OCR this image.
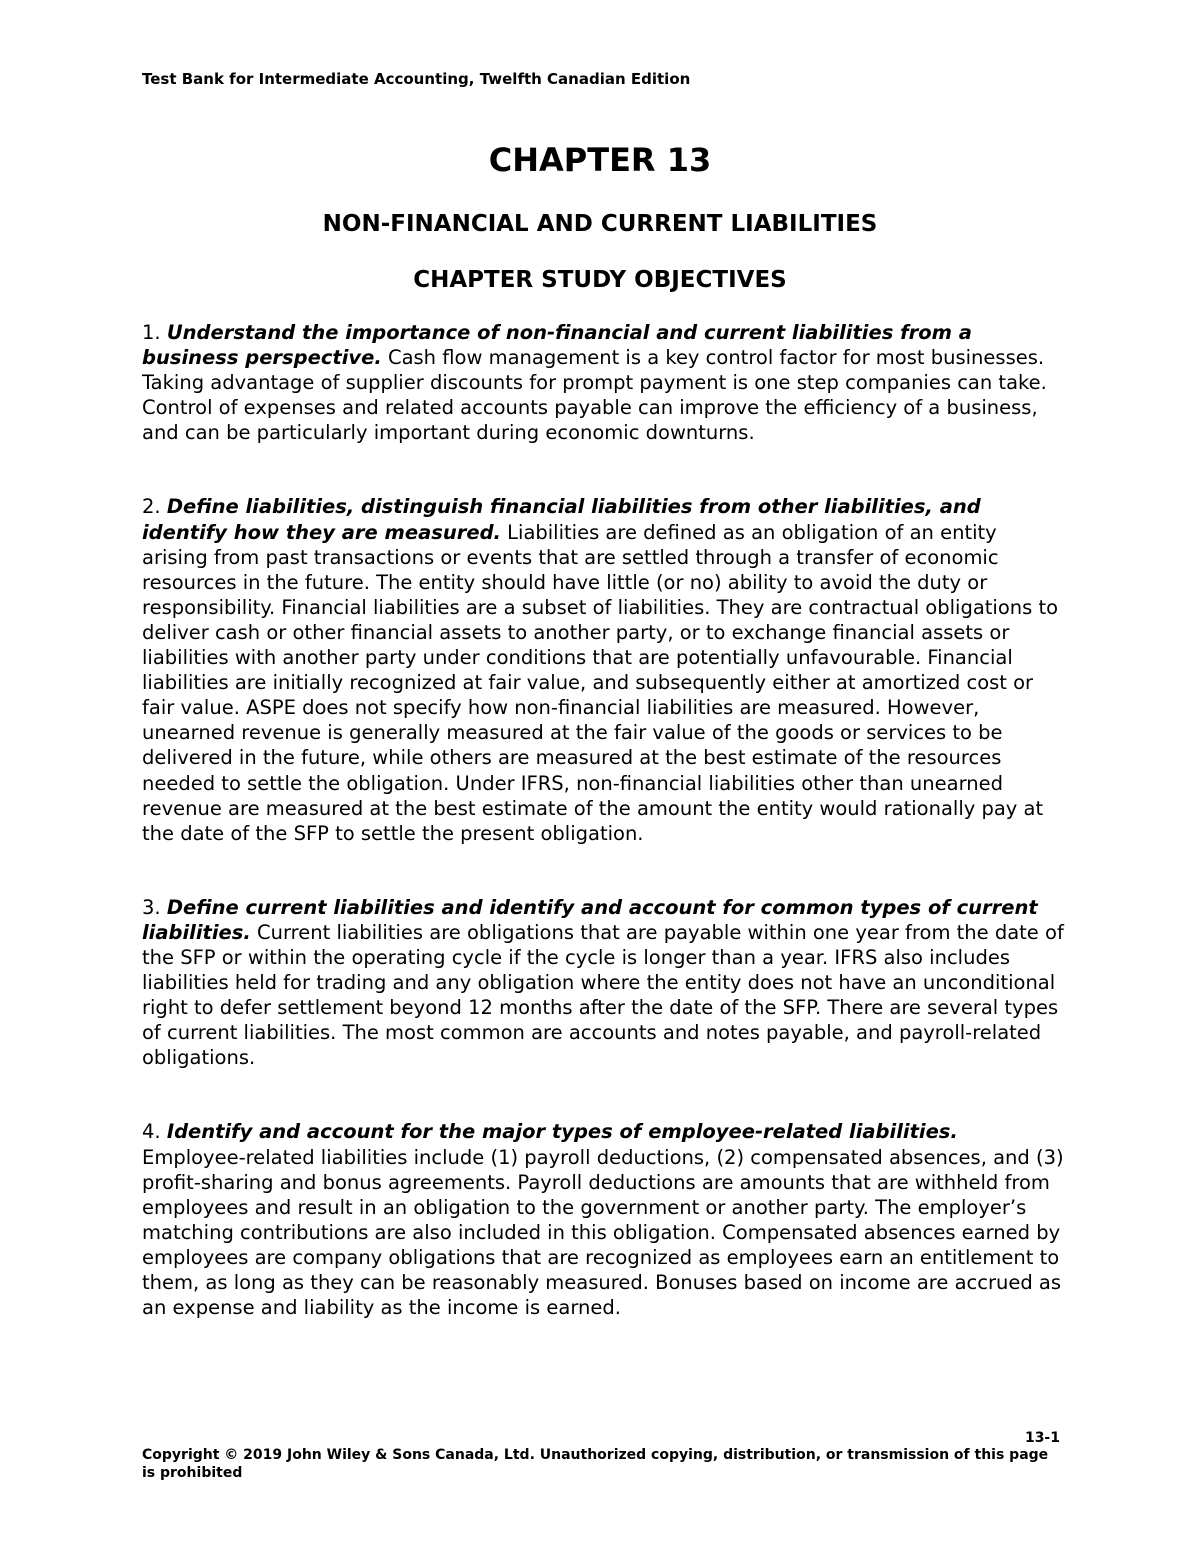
Test Bank for Intermediate Accounting, Twelfth Canadian Edition
CHAPTER 13
NON-FINANCIAL AND CURRENT LIABILITIES
CHAPTER STUDY OBJECTIVES

1. Understand the importance of non-financial and current liabilities from a business perspective. Cash flow management is a key control factor for most businesses. Taking advantage of supplier discounts for prompt payment is one step companies can take. Control of expenses and related accounts payable can improve the efficiency of a business, and can be particularly important during economic downturns.

2. Define liabilities, distinguish financial liabilities from other liabilities, and identify how they are measured. Liabilities are defined as an obligation of an entity arising from past transactions or events that are settled through a transfer of economic resources in the future. The entity should have little (or no) ability to avoid the duty or responsibility. Financial liabilities are a subset of liabilities. They are contractual obligations to deliver cash or other financial assets to another party, or to exchange financial assets or liabilities with another party under conditions that are potentially unfavourable. Financial liabilities are initially recognized at fair value, and subsequently either at amortized cost or fair value. ASPE does not specify how non-financial liabilities are measured. However, unearned revenue is generally measured at the fair value of the goods or services to be delivered in the future, while others are measured at the best estimate of the resources needed to settle the obligation. Under IFRS, non-financial liabilities other than unearned revenue are measured at the best estimate of the amount the entity would rationally pay at the date of the SFP to settle the present obligation.

3. Define current liabilities and identify and account for common types of current liabilities. Current liabilities are obligations that are payable within one year from the date of the SFP or within the operating cycle if the cycle is longer than a year. IFRS also includes liabilities held for trading and any obligation where the entity does not have an unconditional right to defer settlement beyond 12 months after the date of the SFP. There are several types of current liabilities. The most common are accounts and notes payable, and payroll-related obligations.

4. Identify and account for the major types of employee-related liabilities. Employee-related liabilities include (1) payroll deductions, (2) compensated absences, and (3) profit-sharing and bonus agreements. Payroll deductions are amounts that are withheld from employees and result in an obligation to the government or another party. The employer’s matching contributions are also included in this obligation. Compensated absences earned by employees are company obligations that are recognized as employees earn an entitlement to them, as long as they can be reasonably measured. Bonuses based on income are accrued as an expense and liability as the income is earned.

13-1
Copyright © 2019 John Wiley & Sons Canada, Ltd. Unauthorized copying, distribution, or transmission of this page is prohibited
